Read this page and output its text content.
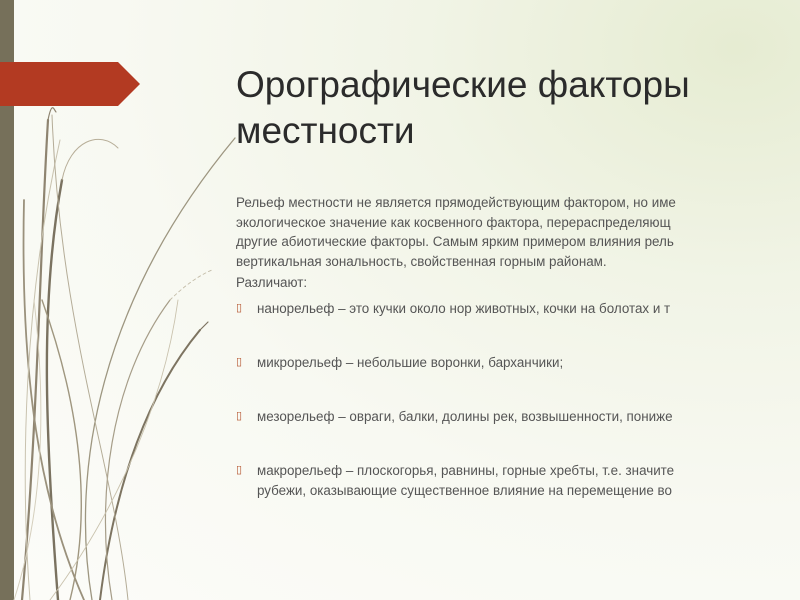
Орографические факторы
местности

Рельеф местности не является прямодействующим фактором, но име
экологическое значение как косвенного фактора, перераспределяющ
другие абиотические факторы. Самым ярким примером влияния рель
вертикальная зональность, свойственная горным районам.

Различают:

▯ нанорельеф – это кучки около нор животных, кочки на болотах и т
▯ микрорельеф – небольшие воронки, барханчики;
▯ мезорельеф – овраги, балки, долины рек, возвышенности, пониже
▯ макрорельеф – плоскогорья, равнины, горные хребты, т.е. значите
рубежи, оказывающие существенное влияние на перемещение во
